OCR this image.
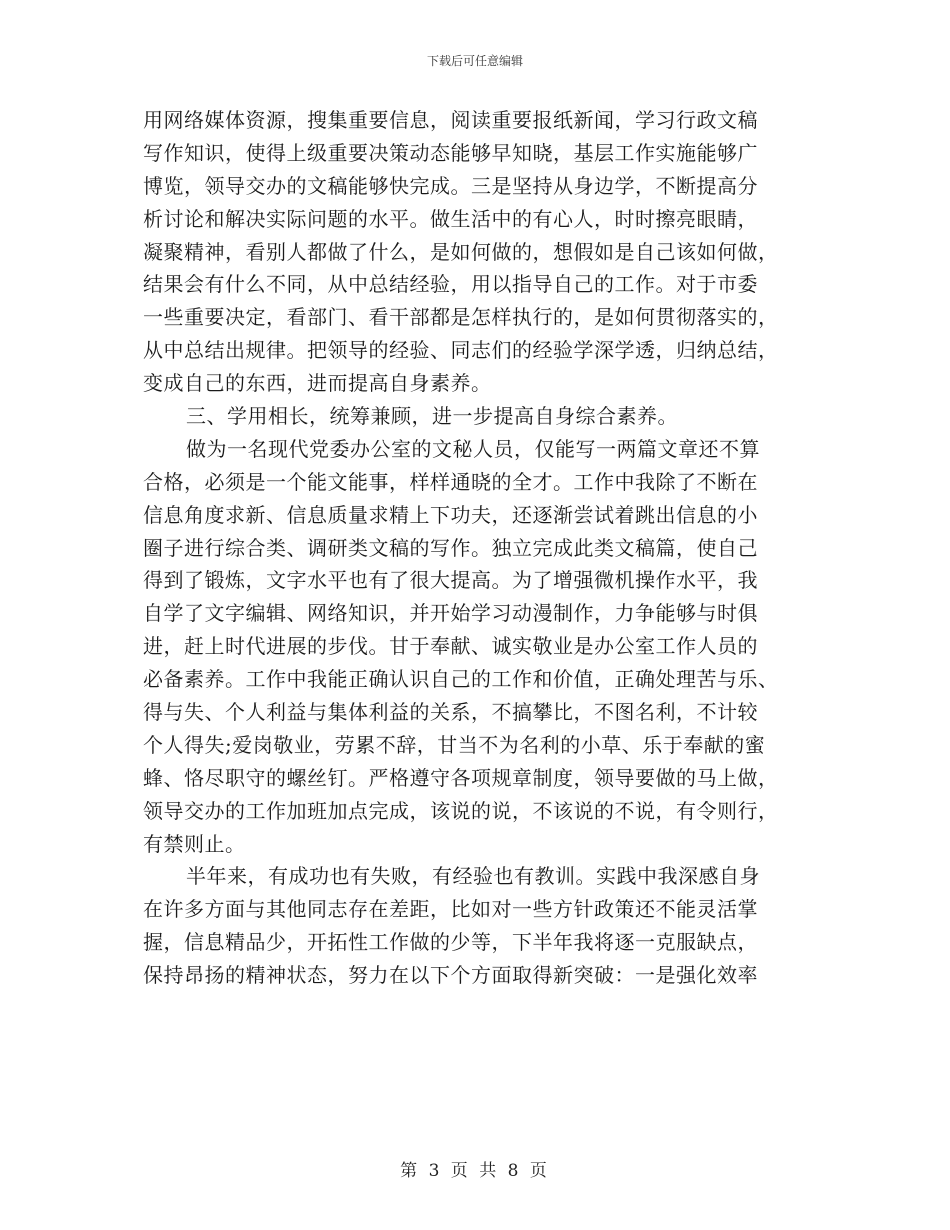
下载后可任意编辑
用网络媒体资源，搜集重要信息，阅读重要报纸新闻，学习行政文稿
写作知识，使得上级重要决策动态能够早知晓，基层工作实施能够广
博览，领导交办的文稿能够快完成。三是坚持从身边学，不断提高分
析讨论和解决实际问题的水平。做生活中的有心人，时时擦亮眼睛，
凝聚精神，看别人都做了什么，是如何做的，想假如是自己该如何做，
结果会有什么不同，从中总结经验，用以指导自己的工作。对于市委
一些重要决定，看部门、看干部都是怎样执行的，是如何贯彻落实的，
从中总结出规律。把领导的经验、同志们的经验学深学透，归纳总结，
变成自己的东西，进而提高自身素养。
三、学用相长，统筹兼顾，进一步提高自身综合素养。
做为一名现代党委办公室的文秘人员，仅能写一两篇文章还不算
合格，必须是一个能文能事，样样通晓的全才。工作中我除了不断在
信息角度求新、信息质量求精上下功夫，还逐渐尝试着跳出信息的小
圈子进行综合类、调研类文稿的写作。独立完成此类文稿篇，使自己
得到了锻炼，文字水平也有了很大提高。为了增强微机操作水平，我
自学了文字编辑、网络知识，并开始学习动漫制作，力争能够与时俱
进，赶上时代进展的步伐。甘于奉献、诚实敬业是办公室工作人员的
必备素养。工作中我能正确认识自己的工作和价值，正确处理苦与乐、
得与失、个人利益与集体利益的关系，不搞攀比，不图名利，不计较
个人得失;爱岗敬业，劳累不辞，甘当不为名利的小草、乐于奉献的蜜
蜂、恪尽职守的螺丝钉。严格遵守各项规章制度，领导要做的马上做，
领导交办的工作加班加点完成，该说的说，不该说的不说，有令则行，
有禁则止。
半年来，有成功也有失败，有经验也有教训。实践中我深感自身
在许多方面与其他同志存在差距，比如对一些方针政策还不能灵活掌
握，信息精品少，开拓性工作做的少等，下半年我将逐一克服缺点，
保持昂扬的精神状态，努力在以下个方面取得新突破：一是强化效率
第 3 页 共 8 页
